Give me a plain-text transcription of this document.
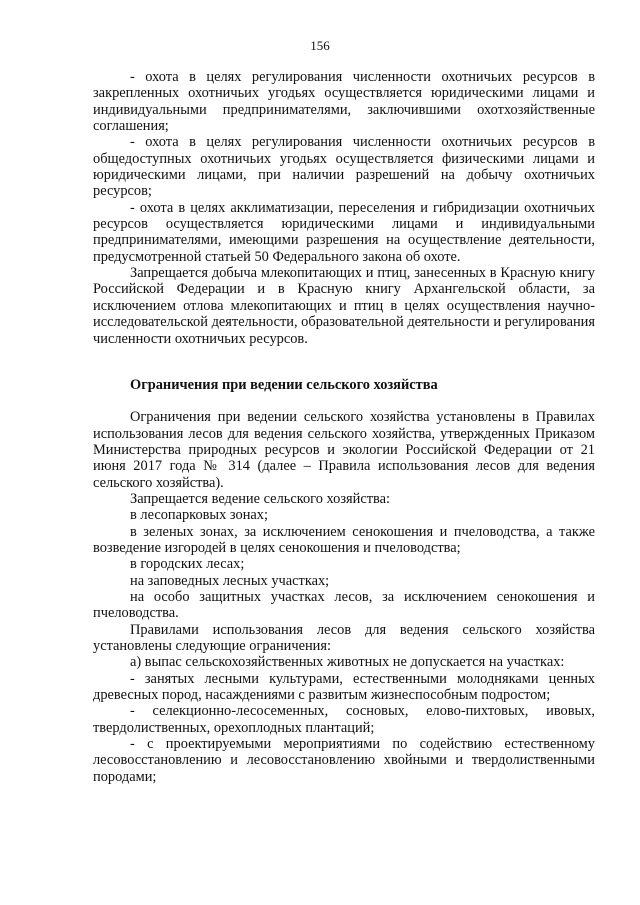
156

- охота в целях регулирования численности охотничьих ресурсов в закрепленных охотничьих угодьях осуществляется юридическими лицами и индивидуальными предпринимателями, заключившими охотхозяйственные соглашения;

- охота в целях регулирования численности охотничьих ресурсов в общедоступных охотничьих угодьях осуществляется физическими лицами и юридическими лицами, при наличии разрешений на добычу охотничьих ресурсов;

- охота в целях акклиматизации, переселения и гибридизации охотничьих ресурсов осуществляется юридическими лицами и индивидуальными предпринимателями, имеющими разрешения на осуществление деятельности, предусмотренной статьей 50 Федерального закона об охоте.

Запрещается добыча млекопитающих и птиц, занесенных в Красную книгу Российской Федерации и в Красную книгу Архангельской области, за исключением отлова млекопитающих и птиц в целях осуществления научно-исследовательской деятельности, образовательной деятельности и регулирования численности охотничьих ресурсов.

Ограничения при ведении сельского хозяйства

Ограничения при ведении сельского хозяйства установлены в Правилах использования лесов для ведения сельского хозяйства, утвержденных Приказом Министерства природных ресурсов и экологии Российской Федерации от 21 июня 2017 года № 314 (далее – Правила использования лесов для ведения сельского хозяйства).

Запрещается ведение сельского хозяйства:

в лесопарковых зонах;

в зеленых зонах, за исключением сенокошения и пчеловодства, а также возведение изгородей в целях сенокошения и пчеловодства;

в городских лесах;

на заповедных лесных участках;

на особо защитных участках лесов, за исключением сенокошения и пчеловодства.

Правилами использования лесов для ведения сельского хозяйства установлены следующие ограничения:

а) выпас сельскохозяйственных животных не допускается на участках:

- занятых лесными культурами, естественными молодняками ценных древесных пород, насаждениями с развитым жизнеспособным подростом;

- селекционно-лесосеменных, сосновых, елово-пихтовых, ивовых, твердолиственных, орехоплодных плантаций;

- с проектируемыми мероприятиями по содействию естественному лесовосстановлению и лесовосстановлению хвойными и твердолиственными породами;
